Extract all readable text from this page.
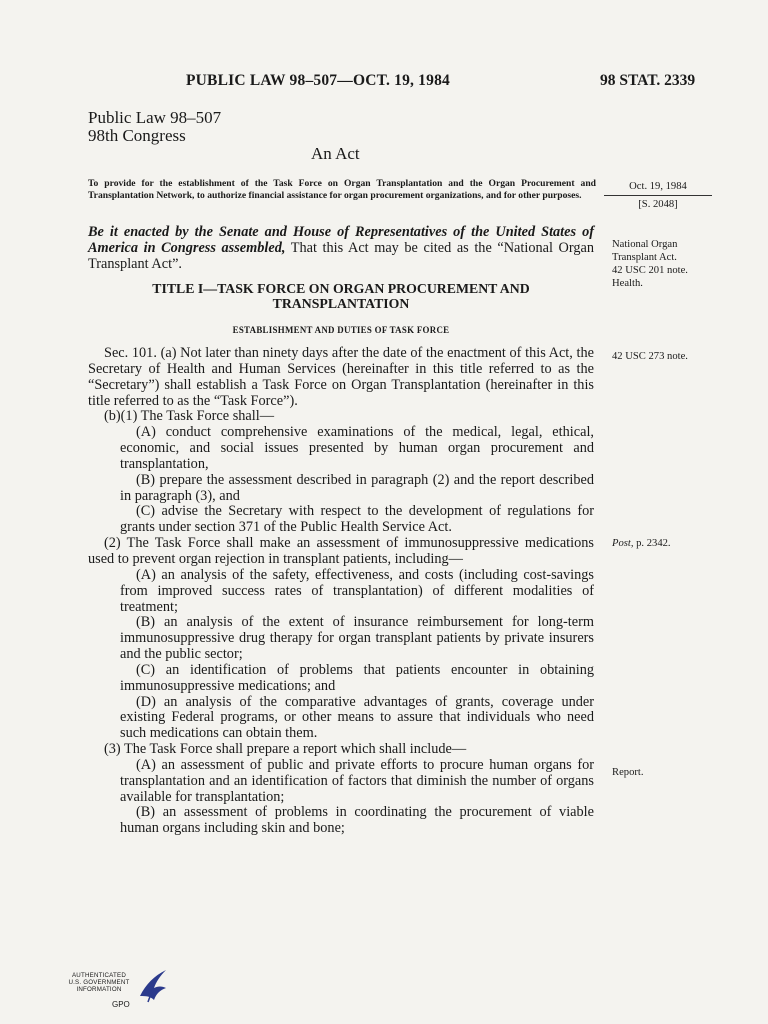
PUBLIC LAW 98–507—OCT. 19, 1984	98 STAT. 2339
Public Law 98–507
98th Congress
An Act
To provide for the establishment of the Task Force on Organ Transplantation and the Organ Procurement and Transplantation Network, to authorize financial assistance for organ procurement organizations, and for other purposes.
Oct. 19, 1984
[S. 2048]
National Organ
Transplant Act.
42 USC 201 note.
Health.
42 USC 273 note.
Post, p. 2342.
Report.
Be it enacted by the Senate and House of Representatives of the United States of America in Congress assembled, That this Act may be cited as the “National Organ Transplant Act”.
TITLE I—TASK FORCE ON ORGAN PROCUREMENT AND
TRANSPLANTATION
ESTABLISHMENT AND DUTIES OF TASK FORCE

Sec. 101. (a) Not later than ninety days after the date of the enactment of this Act, the Secretary of Health and Human Services (hereinafter in this title referred to as the “Secretary”) shall establish a Task Force on Organ Transplantation (hereinafter in this title referred to as the “Task Force”).

(b)(1) The Task Force shall—

(A) conduct comprehensive examinations of the medical, legal, ethical, economic, and social issues presented by human organ procurement and transplantation,

(B) prepare the assessment described in paragraph (2) and the report described in paragraph (3), and

(C) advise the Secretary with respect to the development of regulations for grants under section 371 of the Public Health Service Act.

(2) The Task Force shall make an assessment of immunosuppressive medications used to prevent organ rejection in transplant patients, including—

(A) an analysis of the safety, effectiveness, and costs (including cost-savings from improved success rates of transplantation) of different modalities of treatment;

(B) an analysis of the extent of insurance reimbursement for long-term immunosuppressive drug therapy for organ transplant patients by private insurers and the public sector;

(C) an identification of problems that patients encounter in obtaining immunosuppressive medications; and

(D) an analysis of the comparative advantages of grants, coverage under existing Federal programs, or other means to assure that individuals who need such medications can obtain them.

(3) The Task Force shall prepare a report which shall include—

(A) an assessment of public and private efforts to procure human organs for transplantation and an identification of factors that diminish the number of organs available for transplantation;

(B) an assessment of problems in coordinating the procurement of viable human organs including skin and bone;

AUTHENTICATED
U.S. GOVERNMENT
INFORMATION
GPO
